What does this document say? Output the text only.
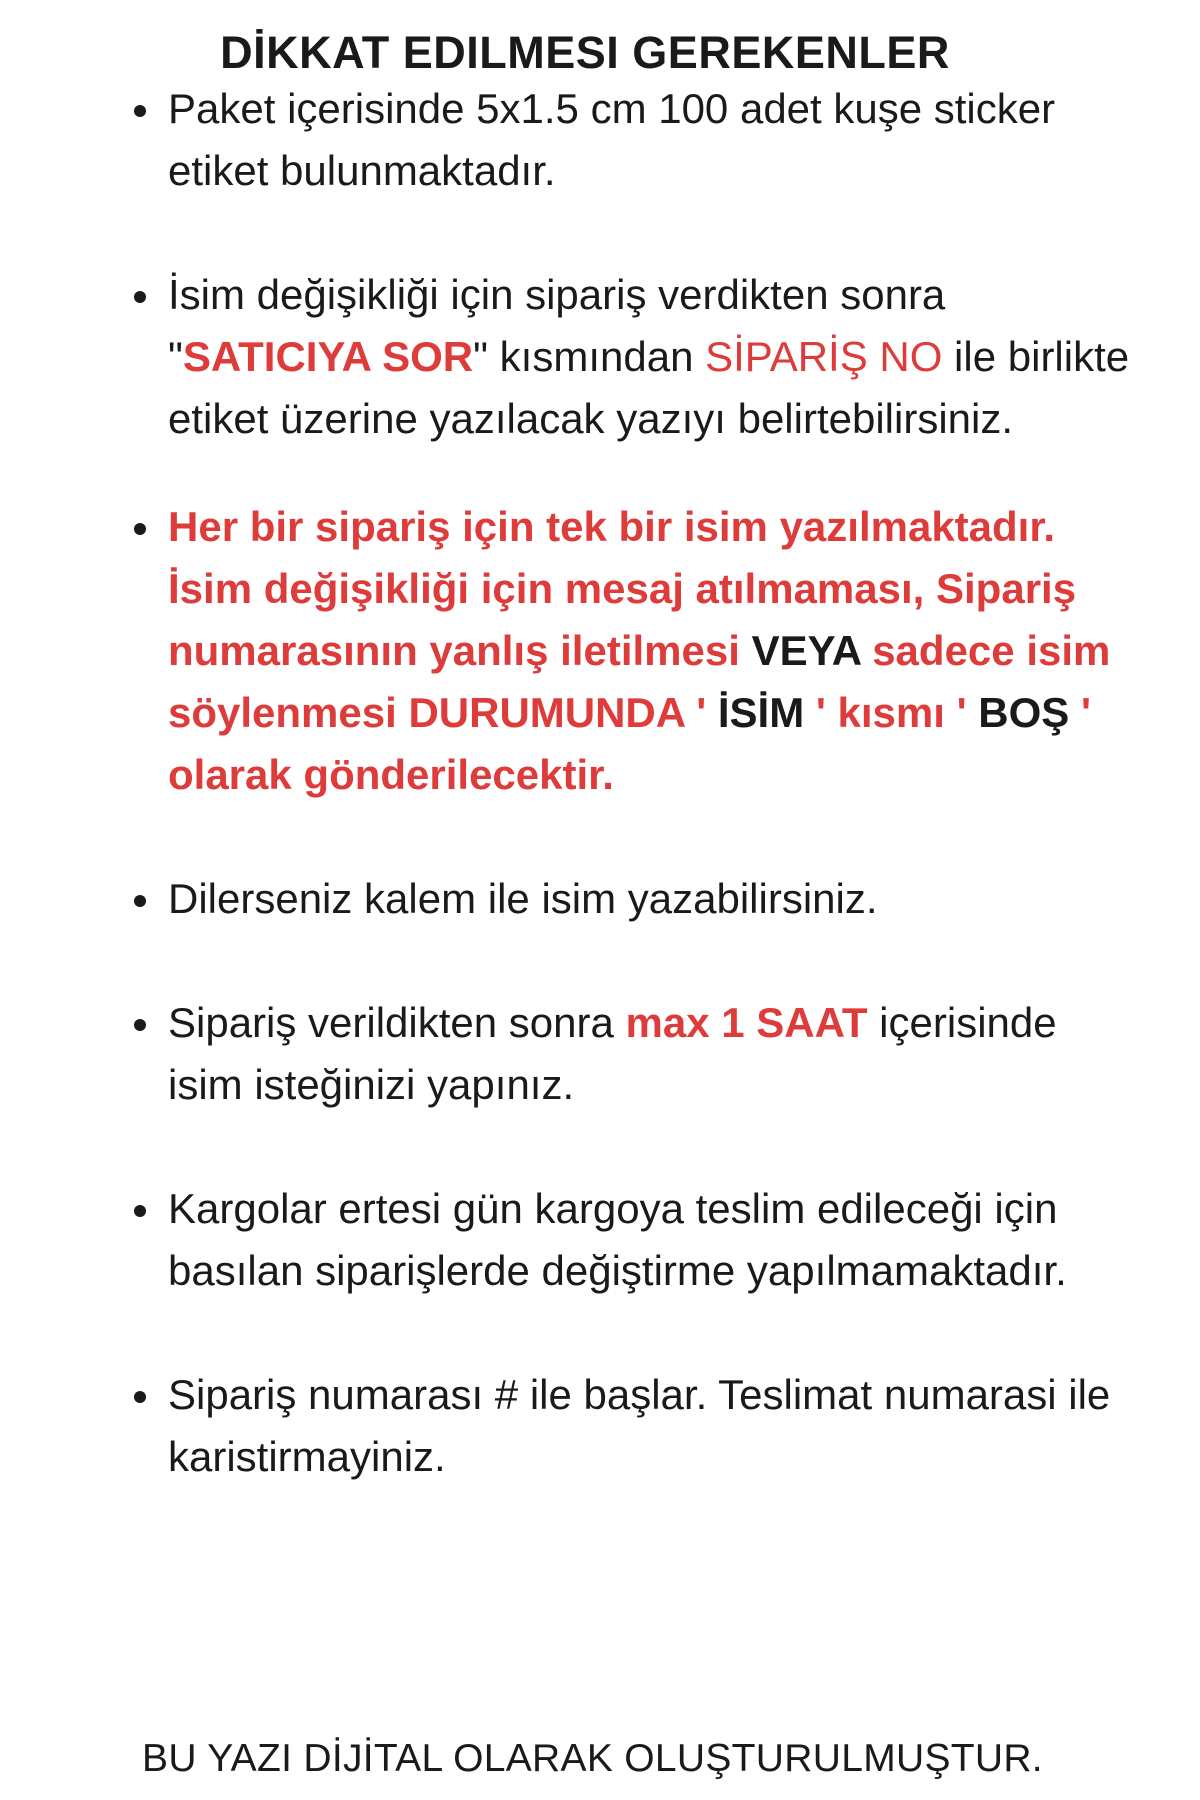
DİKKAT EDILMESI GEREKENLER
Paket içerisinde 5x1.5 cm 100 adet kuşe sticker etiket bulunmaktadır.
İsim değişikliği için sipariş verdikten sonra "SATICIYA SOR" kısmından SİPARİŞ NO ile birlikte etiket üzerine yazılacak yazıyı belirtebilirsiniz.
Her bir sipariş için tek bir isim yazılmaktadır. İsim değişikliği için mesaj atılmaması, Sipariş numarasının yanlış iletilmesi VEYA sadece isim söylenmesi DURUMUNDA ' İSİM ' kısmı ' BOŞ ' olarak gönderilecektir.
Dilerseniz kalem ile isim yazabilirsiniz.
Sipariş verildikten sonra max 1 SAAT içerisinde isim isteğinizi yapınız.
Kargolar ertesi gün kargoya teslim edileceği için basılan siparişlerde değiştirme yapılmamaktadır.
Sipariş numarası # ile başlar. Teslimat numarasi ile karistirmayiniz.

BU YAZI DİJİTAL OLARAK OLUŞTURULMUŞTUR.
